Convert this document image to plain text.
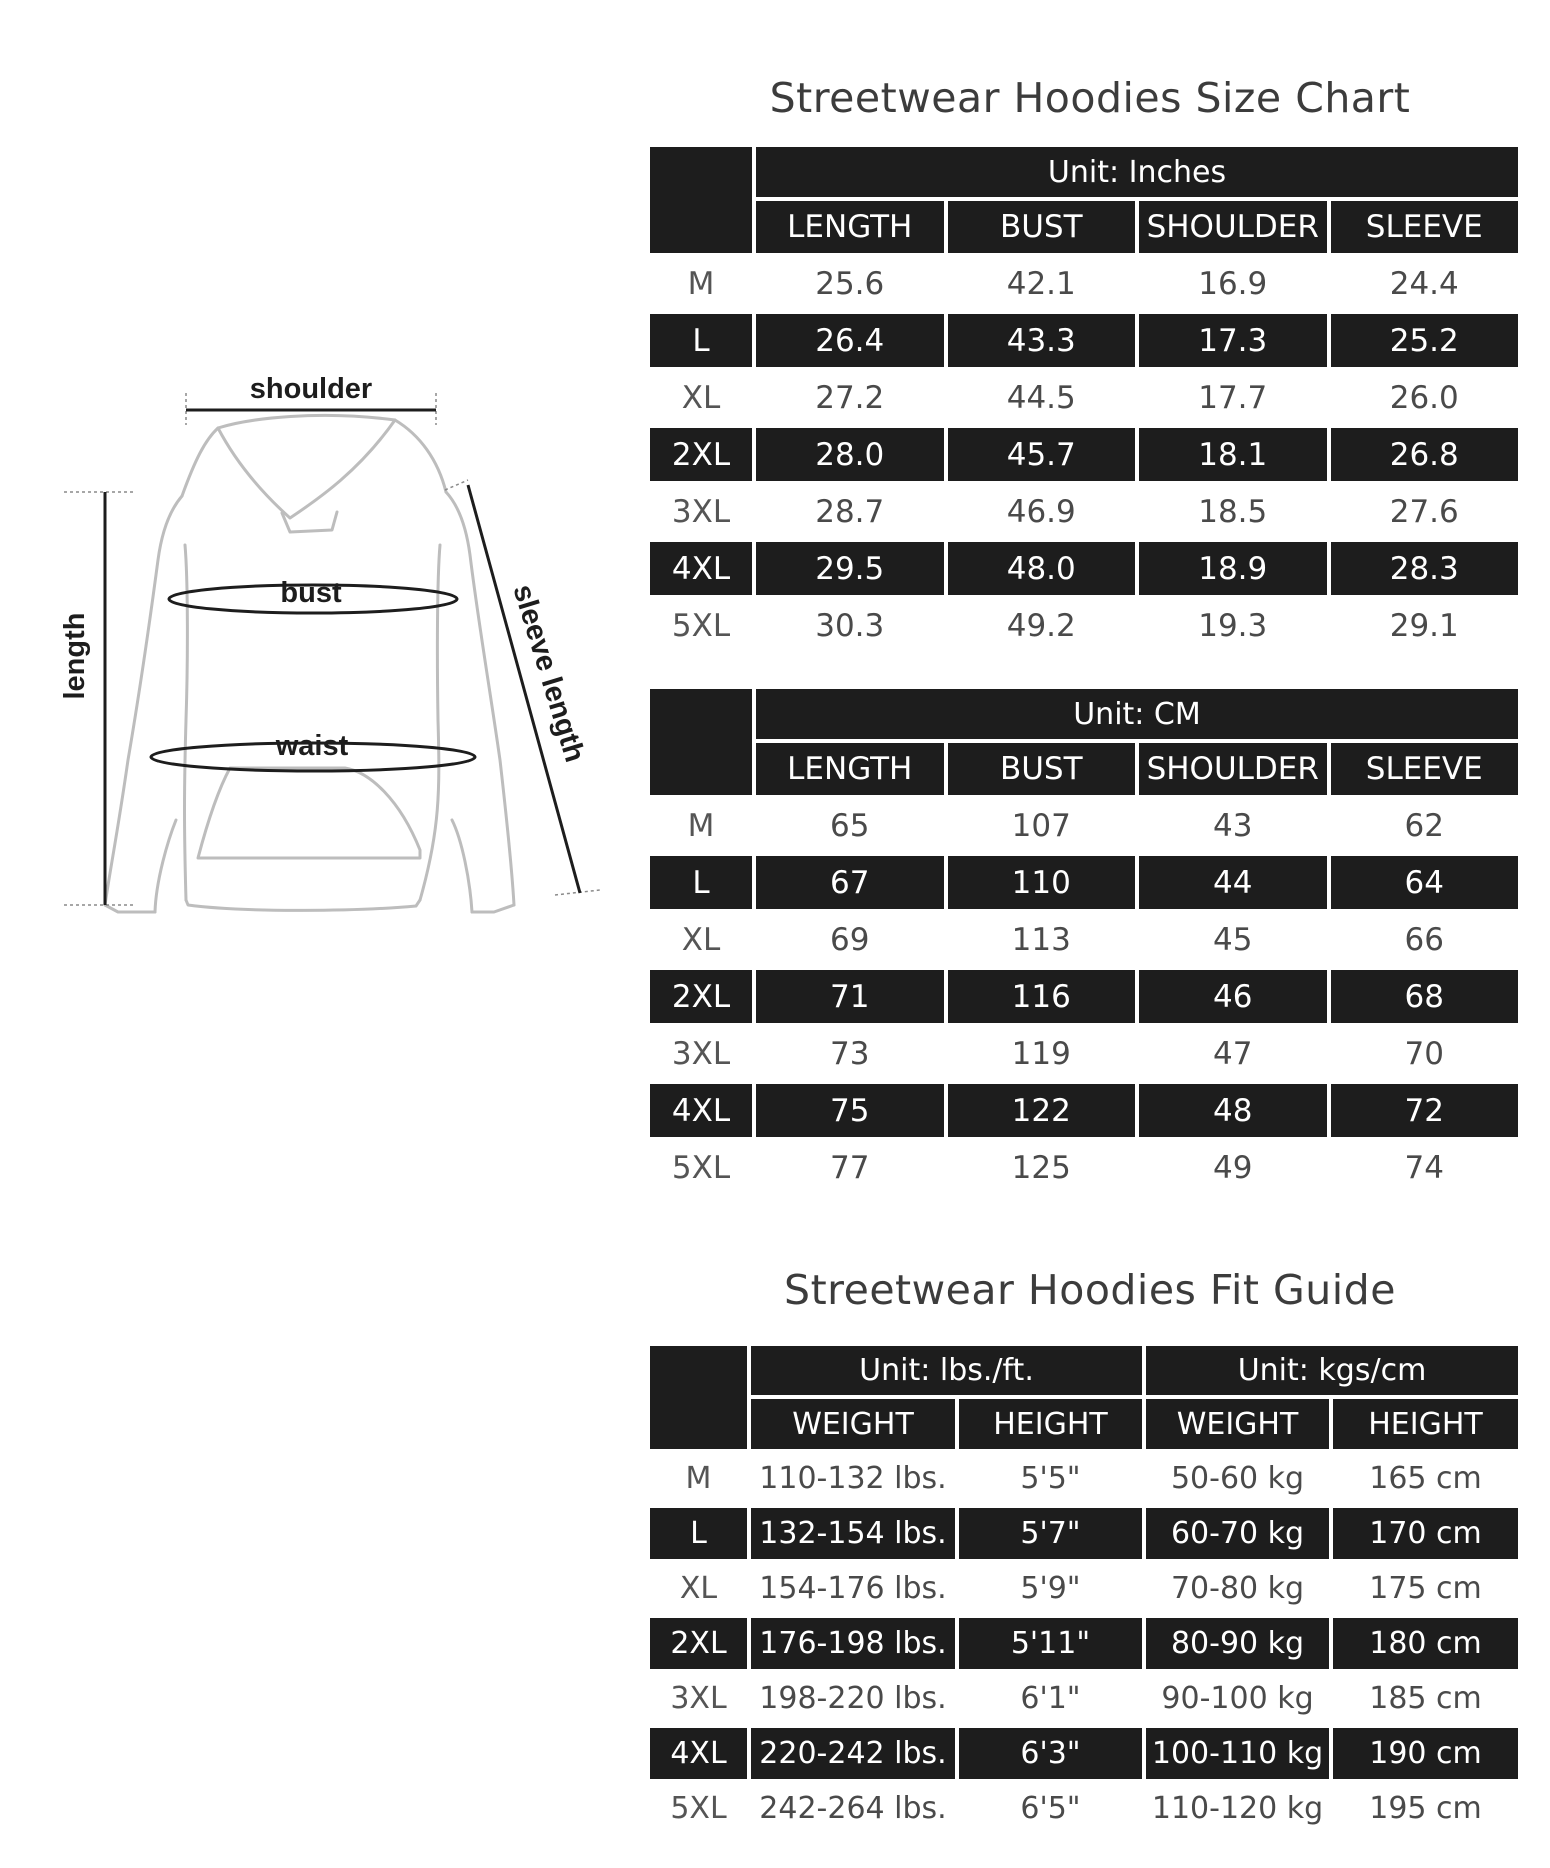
shoulder
bust
waist
length	sleeve length
Streetwear Hoodies Size Chart
	Unit: Inches			
	LENGTH	BUST	SHOULDER	SLEEVE
M	25.6	42.1	16.9	24.4
L	26.4	43.3	17.3	25.2
XL	27.2	44.5	17.7	26.0
2XL	28.0	45.7	18.1	26.8
3XL	28.7	46.9	18.5	27.6
4XL	29.5	48.0	18.9	28.3
5XL	30.3	49.2	19.3	29.1
	Unit: CM			
	LENGTH	BUST	SHOULDER	SLEEVE
M	65	107	43	62
L	67	110	44	64
XL	69	113	45	66
2XL	71	116	46	68
3XL	73	119	47	70
4XL	75	122	48	72
5XL	77	125	49	74
Streetwear Hoodies Fit Guide
	Unit: lbs./ft.		Unit: kgs/cm	
	WEIGHT	HEIGHT	WEIGHT	HEIGHT
M	110-132 lbs.	5'5"	50-60 kg	165 cm
L	132-154 lbs.	5'7"	60-70 kg	170 cm
XL	154-176 lbs.	5'9"	70-80 kg	175 cm
2XL	176-198 lbs.	5'11"	80-90 kg	180 cm
3XL	198-220 lbs.	6'1"	90-100 kg	185 cm
4XL	220-242 lbs.	6'3"	100-110 kg	190 cm
5XL	242-264 lbs.	6'5"	110-120 kg	195 cm
